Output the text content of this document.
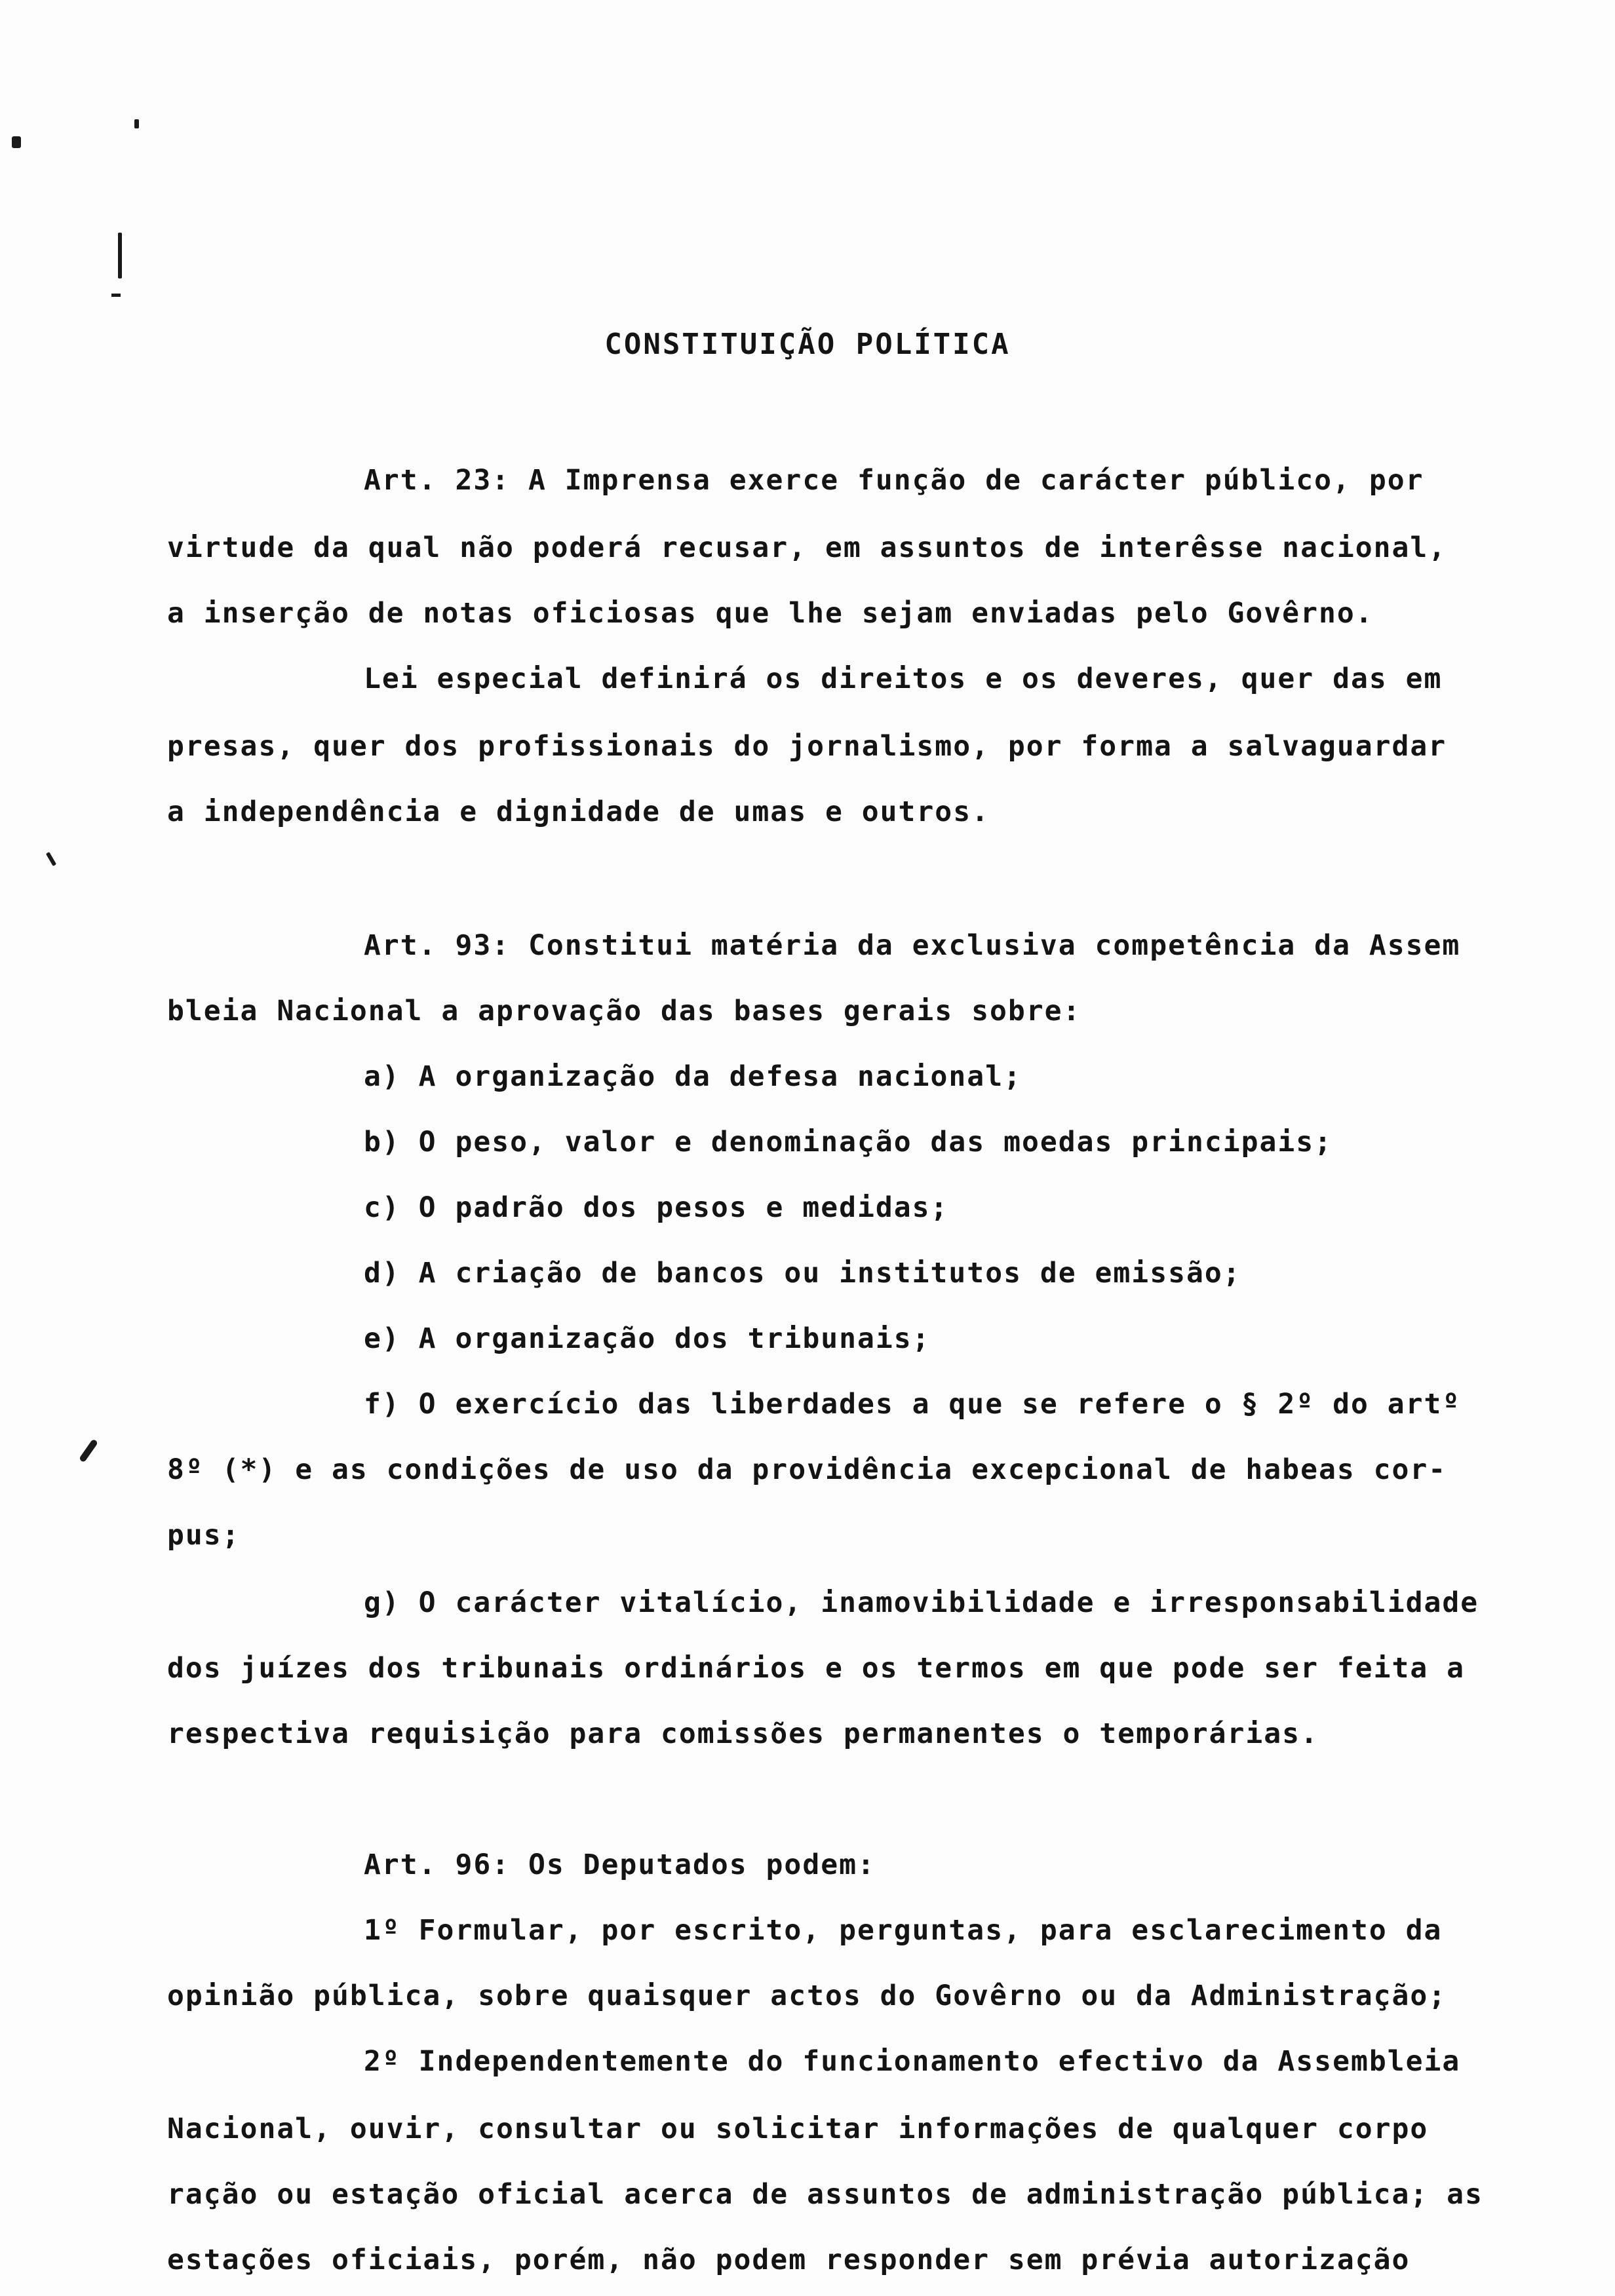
CONSTITUIÇÃO POLÍTICA
Art. 23: A Imprensa exerce função de carácter público, por
virtude da qual não poderá recusar, em assuntos de interêsse nacional,
a inserção de notas oficiosas que lhe sejam enviadas pelo Govêrno.
Lei especial definirá os direitos e os deveres, quer das em
presas, quer dos profissionais do jornalismo, por forma a salvaguardar
a independência e dignidade de umas e outros.
Art. 93: Constitui matéria da exclusiva competência da Assem
bleia Nacional a aprovação das bases gerais sobre:
a) A organização da defesa nacional;
b) O peso, valor e denominação das moedas principais;
c) O padrão dos pesos e medidas;
d) A criação de bancos ou institutos de emissão;
e) A organização dos tribunais;
f) O exercício das liberdades a que se refere o § 2º do artº
8º (*) e as condições de uso da providência excepcional de habeas cor-
pus;
g) O carácter vitalício, inamovibilidade e irresponsabilidade
dos juízes dos tribunais ordinários e os termos em que pode ser feita a
respectiva requisição para comissões permanentes o temporárias.
Art. 96: Os Deputados podem:
1º Formular, por escrito, perguntas, para esclarecimento da
opinião pública, sobre quaisquer actos do Govêrno ou da Administração;
2º Independentemente do funcionamento efectivo da Assembleia
Nacional, ouvir, consultar ou solicitar informações de qualquer corpo
ração ou estação oficial acerca de assuntos de administração pública; as
estações oficiais, porém, não podem responder sem prévia autorização
